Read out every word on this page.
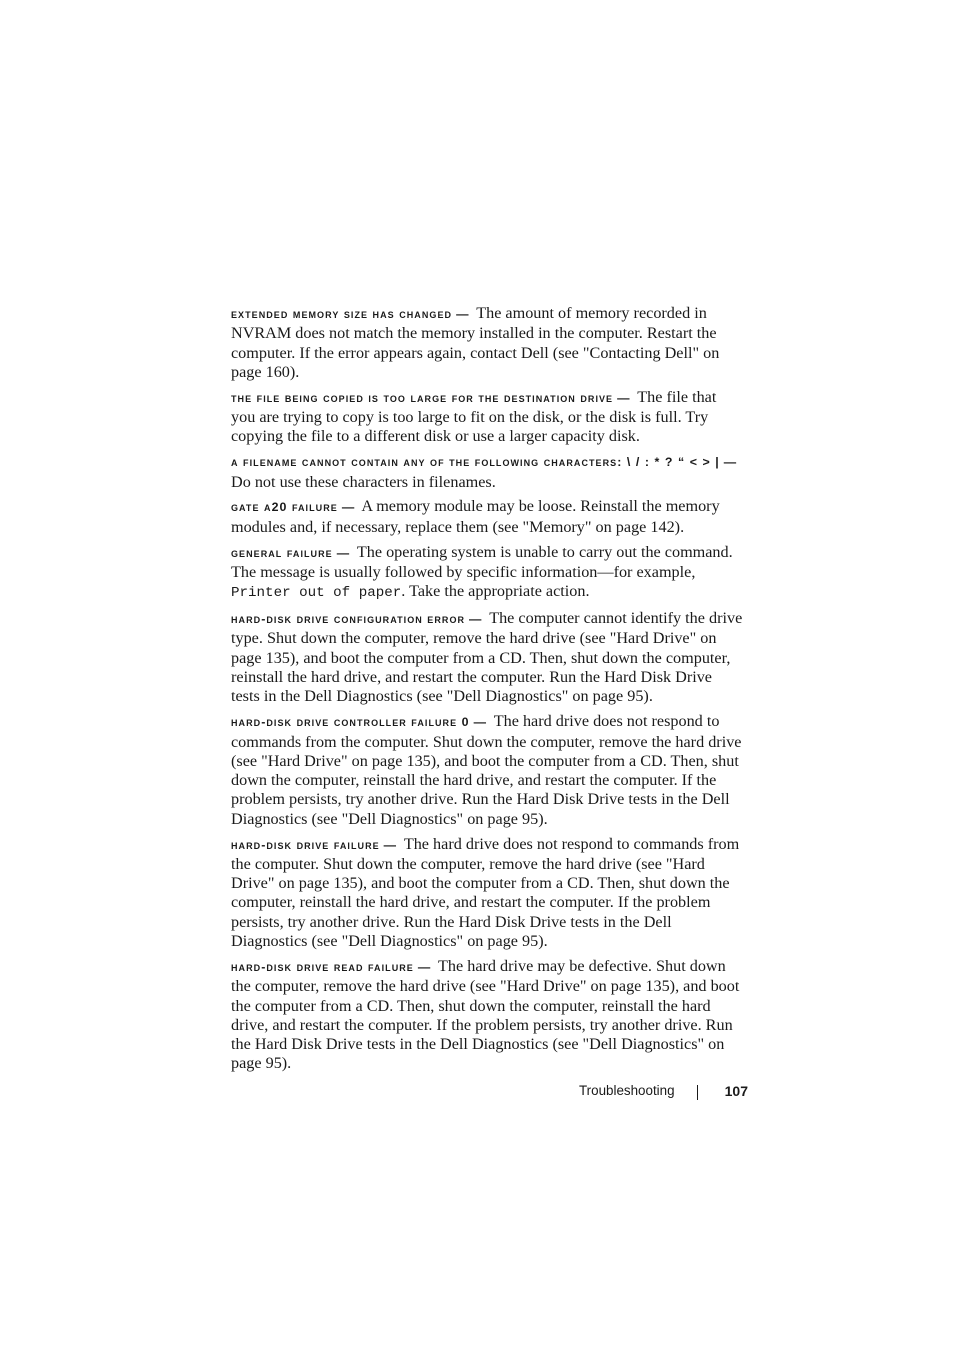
extended memory size has changed — The amount of memory recorded in NVRAM does not match the memory installed in the computer. Restart the computer. If the error appears again, contact Dell (see "Contacting Dell" on page 160).

the file being copied is too large for the destination drive — The file that you are trying to copy is too large to fit on the disk, or the disk is full. Try copying the file to a different disk or use a larger capacity disk.

a filename cannot contain any of the following characters: \ / : * ? “ < > | — Do not use these characters in filenames.

gate a20 failure — A memory module may be loose. Reinstall the memory modules and, if necessary, replace them (see "Memory" on page 142).

general failure — The operating system is unable to carry out the command. The message is usually followed by specific information—for example, Printer out of paper. Take the appropriate action.

hard-disk drive configuration error — The computer cannot identify the drive type. Shut down the computer, remove the hard drive (see "Hard Drive" on page 135), and boot the computer from a CD. Then, shut down the computer, reinstall the hard drive, and restart the computer. Run the Hard Disk Drive tests in the Dell Diagnostics (see "Dell Diagnostics" on page 95).

hard-disk drive controller failure 0 — The hard drive does not respond to commands from the computer. Shut down the computer, remove the hard drive (see "Hard Drive" on page 135), and boot the computer from a CD. Then, shut down the computer, reinstall the hard drive, and restart the computer. If the problem persists, try another drive. Run the Hard Disk Drive tests in the Dell Diagnostics (see "Dell Diagnostics" on page 95).

hard-disk drive failure — The hard drive does not respond to commands from the computer. Shut down the computer, remove the hard drive (see "Hard Drive" on page 135), and boot the computer from a CD. Then, shut down the computer, reinstall the hard drive, and restart the computer. If the problem persists, try another drive. Run the Hard Disk Drive tests in the Dell Diagnostics (see "Dell Diagnostics" on page 95).

hard-disk drive read failure — The hard drive may be defective. Shut down the computer, remove the hard drive (see "Hard Drive" on page 135), and boot the computer from a CD. Then, shut down the computer, reinstall the hard drive, and restart the computer. If the problem persists, try another drive. Run the Hard Disk Drive tests in the Dell Diagnostics (see "Dell Diagnostics" on page 95).

Troubleshooting	107
